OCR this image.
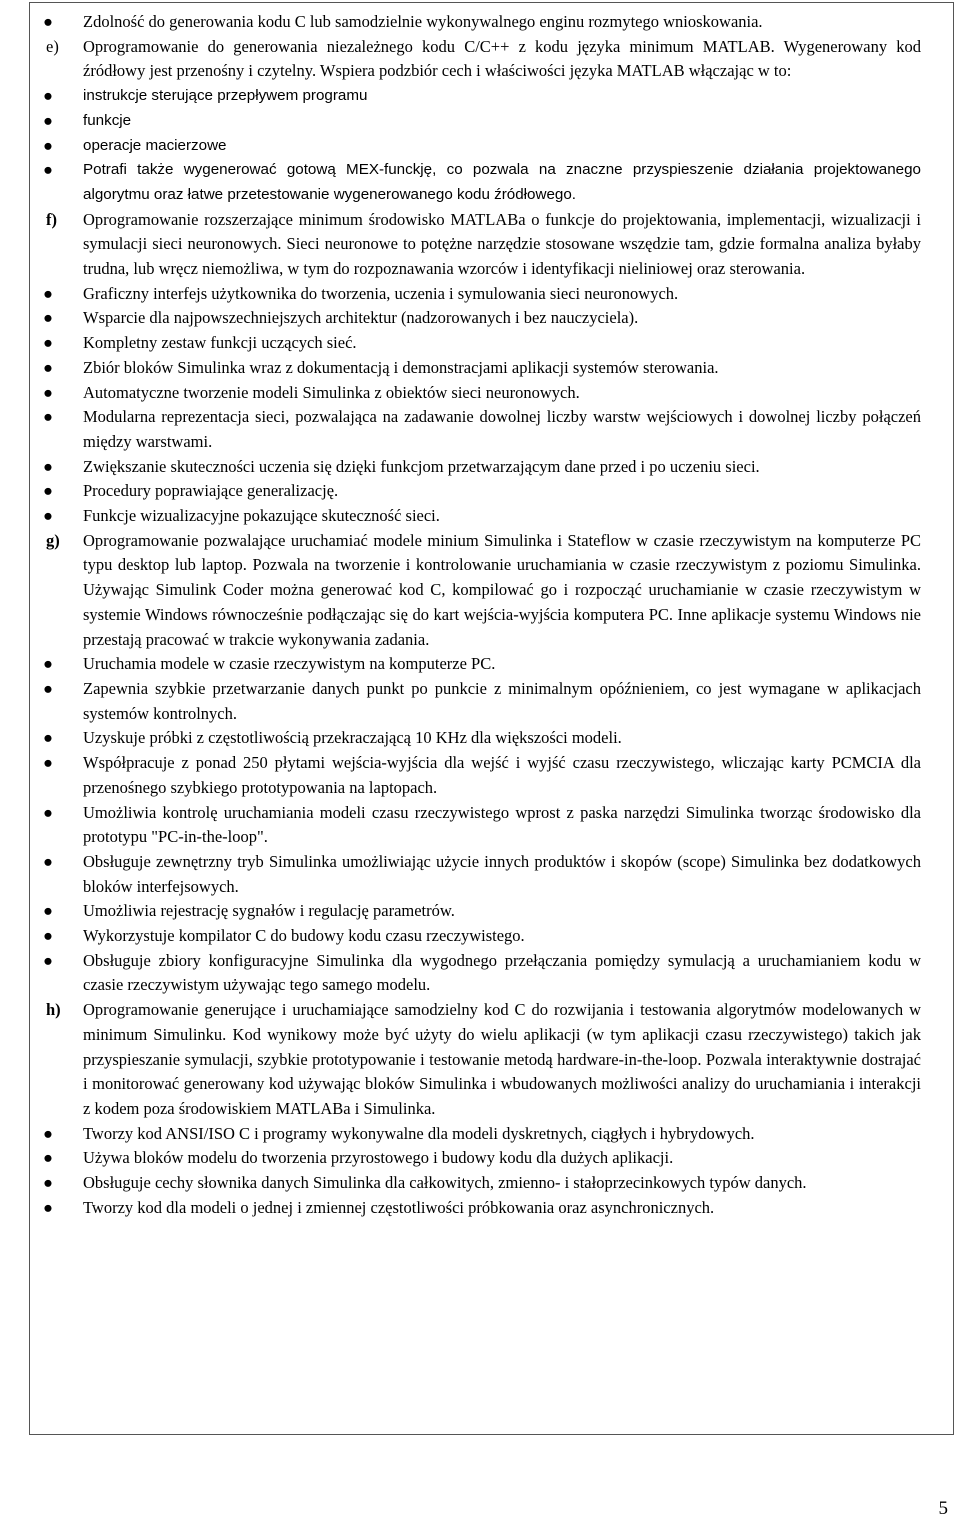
●	Zdolność do generowania kodu C lub samodzielnie wykonywalnego enginu rozmytego wnioskowania.

e) Oprogramowanie do generowania niezależnego kodu C/C++ z kodu języka minimum MATLAB. Wygenerowany kod źródłowy jest przenośny i czytelny. Wspiera podzbiór cech i właściwości języka MATLAB włączając w to:

●	instrukcje sterujące przepływem programu

●	funkcje

●	operacje macierzowe

●	Potrafi także wygenerować gotową MEX-funckję, co pozwala na znaczne przyspieszenie działania projektowanego algorytmu oraz łatwe przetestowanie wygenerowanego kodu źródłowego.

f) Oprogramowanie rozszerzające minimum środowisko MATLABa o funkcje do projektowania, implementacji, wizualizacji i symulacji sieci neuronowych. Sieci neuronowe to potężne narzędzie stosowane wszędzie tam, gdzie formalna analiza byłaby trudna, lub wręcz niemożliwa, w tym do rozpoznawania wzorców i identyfikacji nieliniowej oraz sterowania.

●	Graficzny interfejs użytkownika do tworzenia, uczenia i symulowania sieci neuronowych.

●	Wsparcie dla najpowszechniejszych architektur (nadzorowanych i bez nauczyciela).

●	Kompletny zestaw funkcji uczących sieć.

●	Zbiór bloków Simulinka wraz z dokumentacją i demonstracjami aplikacji systemów sterowania.

●	Automatyczne tworzenie modeli Simulinka z obiektów sieci neuronowych.

●	Modularna reprezentacja sieci, pozwalająca na zadawanie dowolnej liczby warstw wejściowych i dowolnej liczby połączeń między warstwami.

●	Zwiększanie skuteczności uczenia się dzięki funkcjom przetwarzającym dane przed i po uczeniu sieci.

●	Procedury poprawiające generalizację.

●	Funkcje wizualizacyjne pokazujące skuteczność sieci.

g) Oprogramowanie pozwalające uruchamiać modele minium Simulinka i Stateflow w czasie rzeczywistym na komputerze PC typu desktop lub laptop. Pozwala na tworzenie i kontrolowanie uruchamiania w czasie rzeczywistym z poziomu Simulinka. Używając Simulink Coder można generować kod C, kompilować go i rozpocząć uruchamianie w czasie rzeczywistym w systemie Windows równocześnie podłączając się do kart wejścia-wyjścia komputera PC. Inne aplikacje systemu Windows nie przestają pracować w trakcie wykonywania zadania.

●	Uruchamia modele w czasie rzeczywistym na komputerze PC.

●	Zapewnia szybkie przetwarzanie danych punkt po punkcie z minimalnym opóźnieniem, co jest wymagane w aplikacjach systemów kontrolnych.

●	Uzyskuje próbki z częstotliwością przekraczającą 10 KHz dla większości modeli.

●	Współpracuje z ponad 250 płytami wejścia-wyjścia dla wejść i wyjść czasu rzeczywistego, wliczając karty PCMCIA dla przenośnego szybkiego prototypowania na laptopach.

●	Umożliwia kontrolę uruchamiania modeli czasu rzeczywistego wprost z paska narzędzi Simulinka tworząc środowisko dla prototypu "PC-in-the-loop".

●	Obsługuje zewnętrzny tryb Simulinka umożliwiając użycie innych produktów i skopów (scope) Simulinka bez dodatkowych bloków interfejsowych.

●	Umożliwia rejestrację sygnałów i regulację parametrów.

●	Wykorzystuje kompilator C do budowy kodu czasu rzeczywistego.

●	Obsługuje zbiory konfiguracyjne Simulinka dla wygodnego przełączania pomiędzy symulacją a uruchamianiem kodu w czasie rzeczywistym używając tego samego modelu.

h) Oprogramowanie generujące i uruchamiające samodzielny kod C do rozwijania i testowania algorytmów modelowanych w minimum Simulinku. Kod wynikowy może być użyty do wielu aplikacji (w tym aplikacji czasu rzeczywistego) takich jak przyspieszanie symulacji, szybkie prototypowanie i testowanie metodą hardware-in-the-loop. Pozwala interaktywnie dostrajać i monitorować generowany kod używając bloków Simulinka i wbudowanych możliwości analizy do uruchamiania i interakcji z kodem poza środowiskiem MATLABa i Simulinka.

●	Tworzy kod ANSI/ISO C i programy wykonywalne dla modeli dyskretnych, ciągłych i hybrydowych.

●	Używa bloków modelu do tworzenia przyrostowego i budowy kodu dla dużych aplikacji.

●	Obsługuje cechy słownika danych Simulinka dla całkowitych, zmienno- i stałoprzecinkowych typów danych.

●	Tworzy kod dla modeli o jednej i zmiennej częstotliwości próbkowania oraz asynchronicznych.

5
